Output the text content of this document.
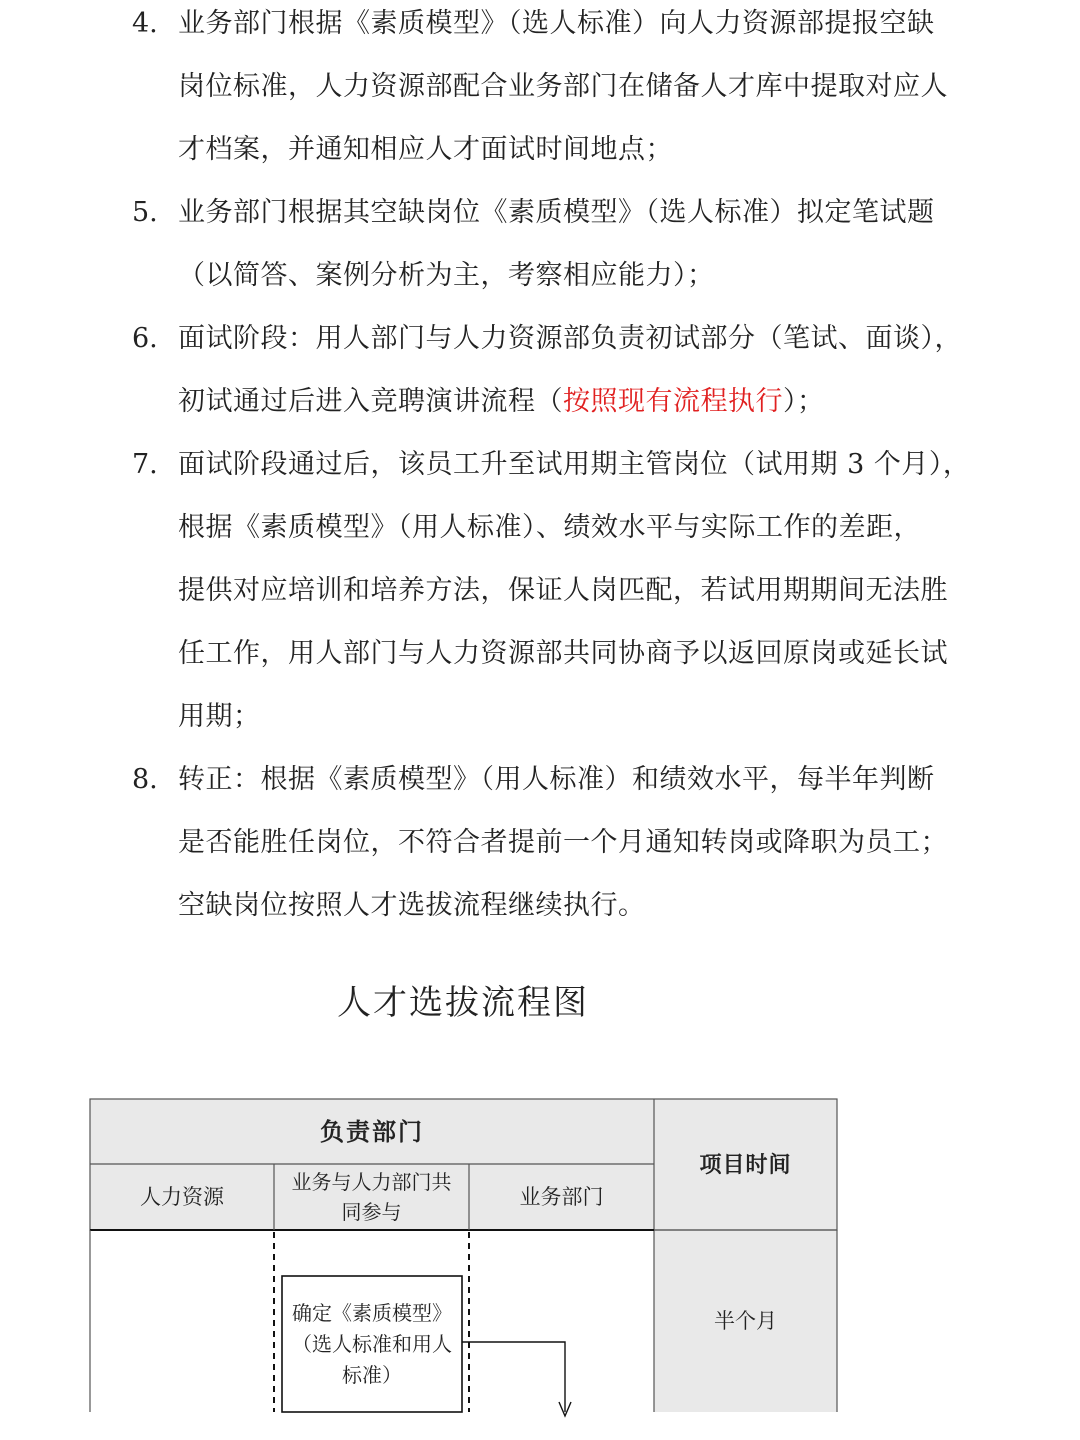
4. 业务部门根据《素质模型》（选人标准）向人力资源部提报空缺
岗位标准，人力资源部配合业务部门在储备人才库中提取对应人
才档案，并通知相应人才面试时间地点；
5. 业务部门根据其空缺岗位《素质模型》（选人标准）拟定笔试题
（以简答、案例分析为主，考察相应能力）；
6. 面试阶段：用人部门与人力资源部负责初试部分（笔试、面谈），
初试通过后进入竞聘演讲流程（按照现有流程执行）；
7. 面试阶段通过后，该员工升至试用期主管岗位（试用期 3 个月），
根据《素质模型》（用人标准）、绩效水平与实际工作的差距，
提供对应培训和培养方法，保证人岗匹配，若试用期期间无法胜
任工作，用人部门与人力资源部共同协商予以返回原岗或延长试
用期；
8. 转正：根据《素质模型》（用人标准）和绩效水平，每半年判断
是否能胜任岗位，不符合者提前一个月通知转岗或降职为员工；
空缺岗位按照人才选拔流程继续执行。
人才选拔流程图
负责部门
项目时间
人力资源
业务与人力部门共同参与
业务部门
半个月
确定《素质模型》（选人标准和用人标准）
